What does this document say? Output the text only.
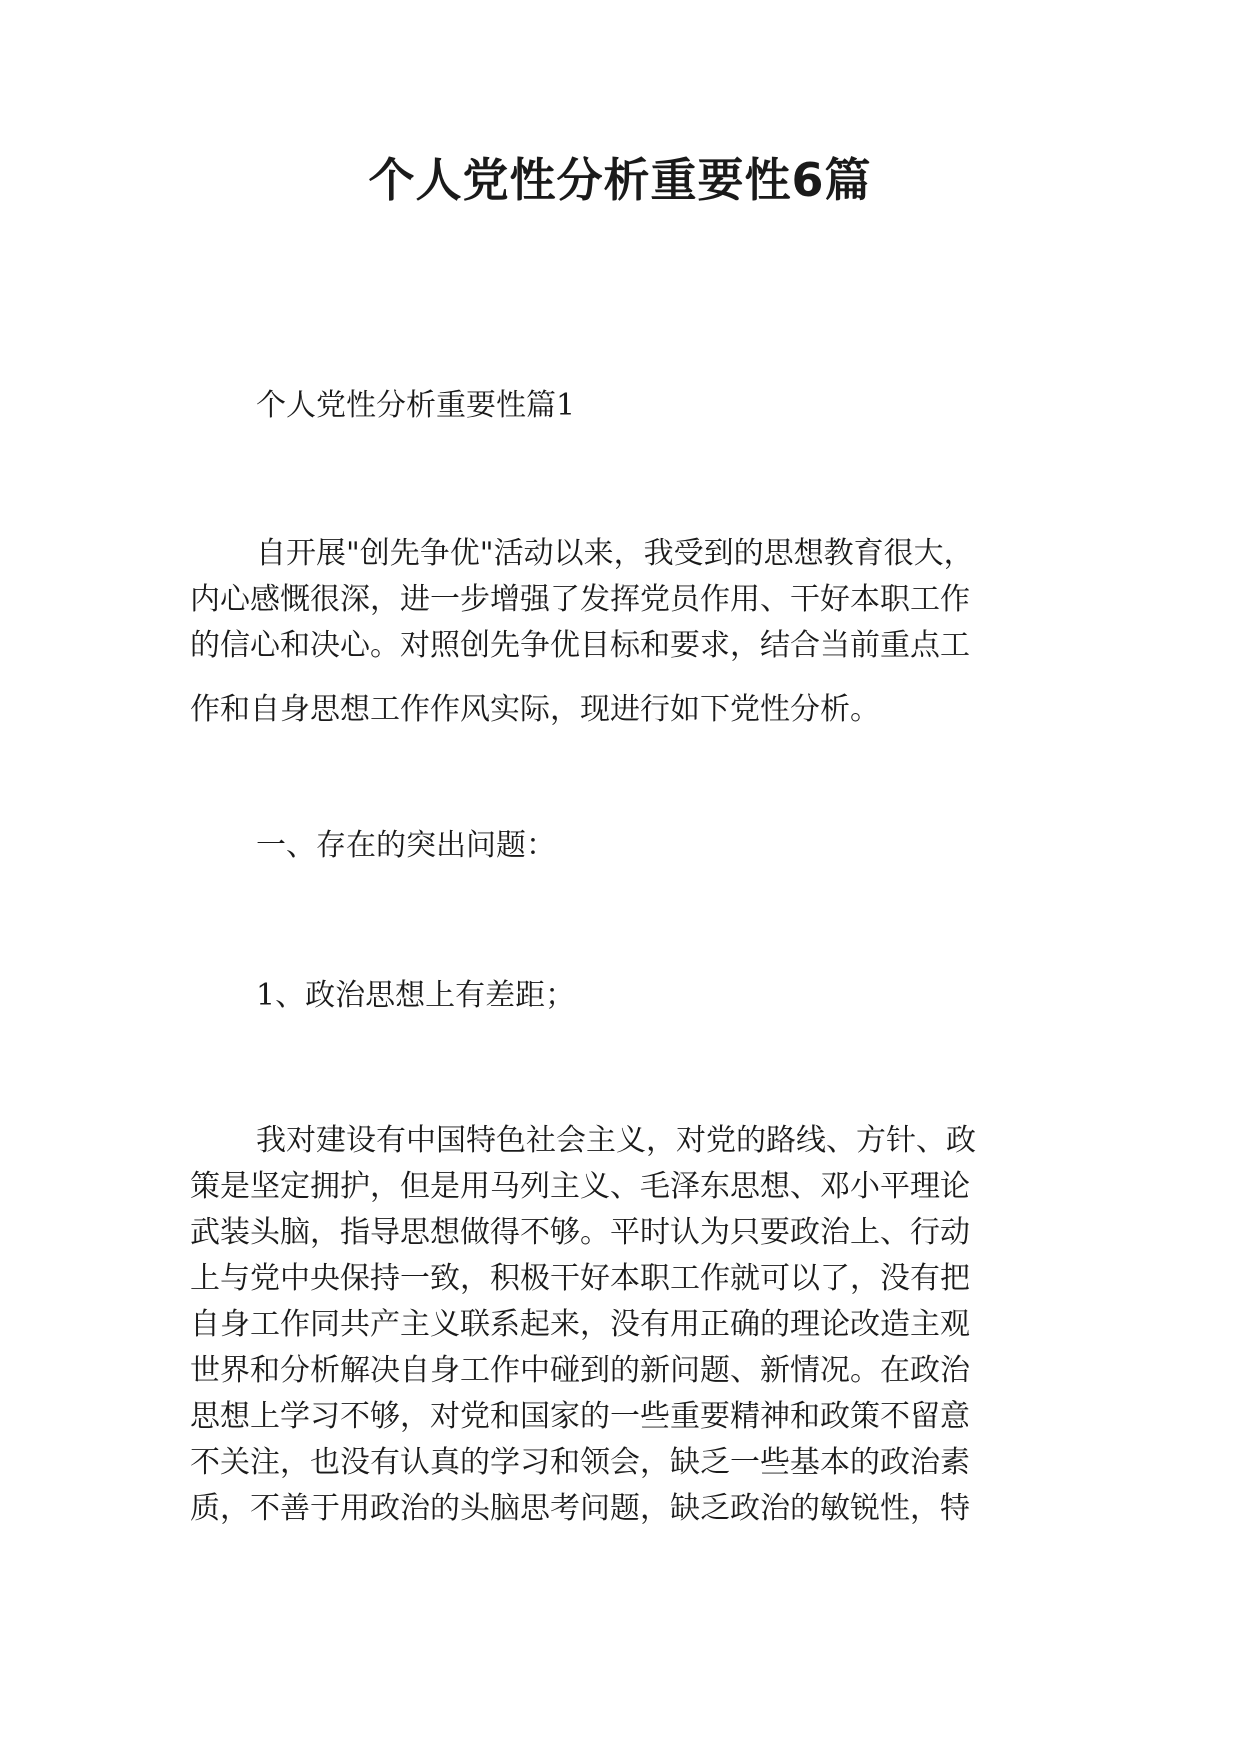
个人党性分析重要性6篇

个人党性分析重要性篇1

自开展"创先争优"活动以来，我受到的思想教育很大，
内心感慨很深，进一步增强了发挥党员作用、干好本职工作
的信心和决心。对照创先争优目标和要求，结合当前重点工
作和自身思想工作作风实际，现进行如下党性分析。

一、存在的突出问题：

1、政治思想上有差距；

我对建设有中国特色社会主义，对党的路线、方针、政
策是坚定拥护，但是用马列主义、毛泽东思想、邓小平理论
武装头脑，指导思想做得不够。平时认为只要政治上、行动
上与党中央保持一致，积极干好本职工作就可以了，没有把
自身工作同共产主义联系起来，没有用正确的理论改造主观
世界和分析解决自身工作中碰到的新问题、新情况。在政治
思想上学习不够，对党和国家的一些重要精神和政策不留意
不关注，也没有认真的学习和领会，缺乏一些基本的政治素
质，不善于用政治的头脑思考问题，缺乏政治的敏锐性，特
